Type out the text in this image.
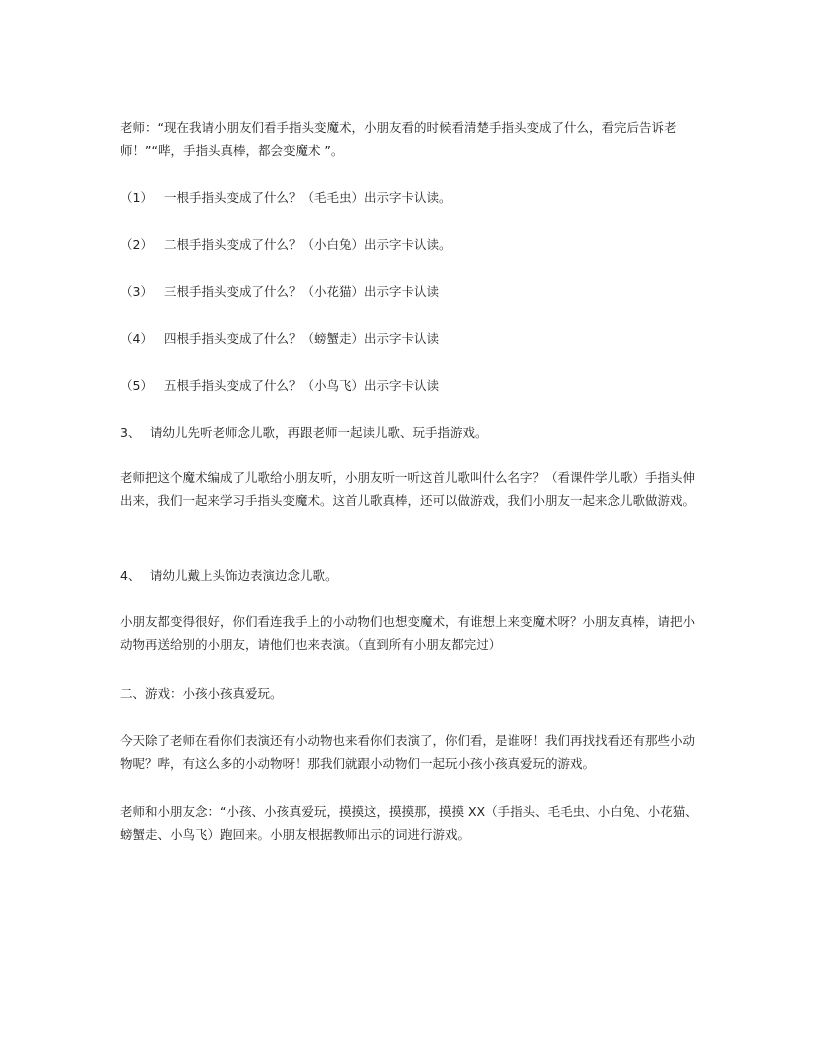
老师：“现在我请小朋友们看手指头变魔术，小朋友看的时候看清楚手指头变成了什么，看完后告诉老师！”“哔，手指头真棒，都会变魔术 ”。

（1） 一根手指头变成了什么？（毛毛虫）出示字卡认读。
（2） 二根手指头变成了什么？（小白兔）出示字卡认读。
（3） 三根手指头变成了什么？（小花猫）出示字卡认读
（4） 四根手指头变成了什么？（螃蟹走）出示字卡认读
（5） 五根手指头变成了什么？（小鸟飞）出示字卡认读
3、 请幼儿先听老师念儿歌，再跟老师一起读儿歌、玩手指游戏。

老师把这个魔术编成了儿歌给小朋友听，小朋友听一听这首儿歌叫什么名字？（看课件学儿歌）手指头伸出来，我们一起来学习手指头变魔术。这首儿歌真棒，还可以做游戏，我们小朋友一起来念儿歌做游戏。

4、 请幼儿戴上头饰边表演边念儿歌。

小朋友都变得很好，你们看连我手上的小动物们也想变魔术，有谁想上来变魔术呀？小朋友真棒，请把小动物再送给别的小朋友，请他们也来表演。（直到所有小朋友都完过）

二、游戏：小孩小孩真爱玩。

今天除了老师在看你们表演还有小动物也来看你们表演了，你们看，是谁呀！我们再找找看还有那些小动物呢？哔，有这么多的小动物呀！那我们就跟小动物们一起玩小孩小孩真爱玩的游戏。

老师和小朋友念：“小孩、小孩真爱玩，摸摸这，摸摸那，摸摸 XX（手指头、毛毛虫、小白兔、小花猫、螃蟹走、小鸟飞）跑回来。小朋友根据教师出示的词进行游戏。
